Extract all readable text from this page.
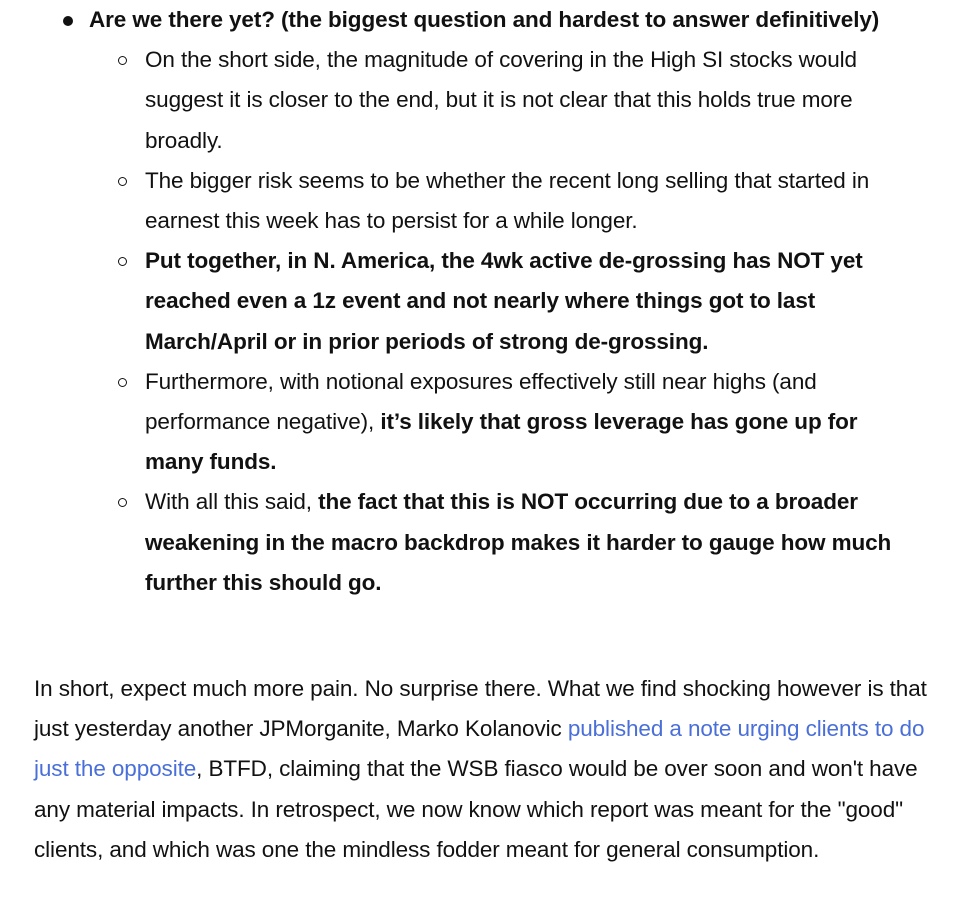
Are we there yet? (the biggest question and hardest to answer definitively)
On the short side, the magnitude of covering in the High SI stocks would suggest it is closer to the end, but it is not clear that this holds true more broadly.
The bigger risk seems to be whether the recent long selling that started in earnest this week has to persist for a while longer.
Put together, in N. America, the 4wk active de-grossing has NOT yet reached even a 1z event and not nearly where things got to last March/April or in prior periods of strong de-grossing.
Furthermore, with notional exposures effectively still near highs (and performance negative), it’s likely that gross leverage has gone up for many funds.
With all this said, the fact that this is NOT occurring due to a broader weakening in the macro backdrop makes it harder to gauge how much further this should go.

In short, expect much more pain. No surprise there. What we find shocking however is that just yesterday another JPMorganite, Marko Kolanovic published a note urging clients to do just the opposite, BTFD, claiming that the WSB fiasco would be over soon and won't have any material impacts. In retrospect, we now know which report was meant for the "good" clients, and which was one the mindless fodder meant for general consumption.
